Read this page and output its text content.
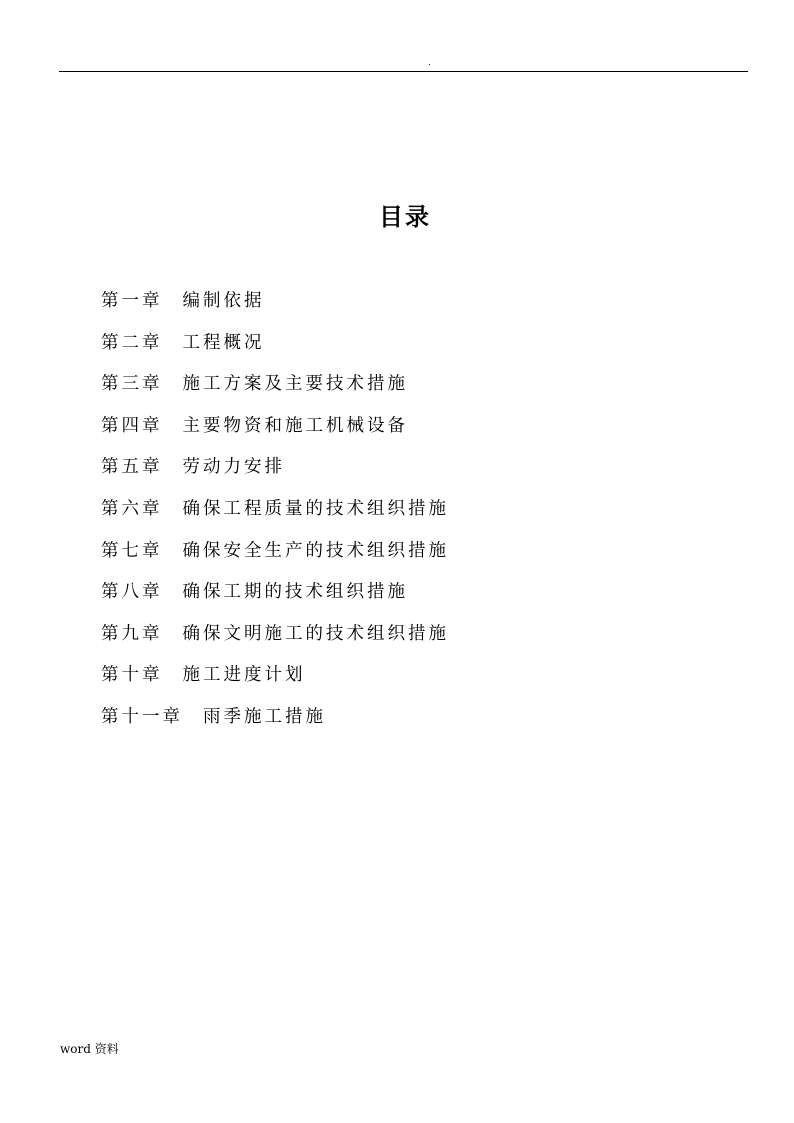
.
目录
第一章 编制依据
第二章 工程概况
第三章 施工方案及主要技术措施
第四章 主要物资和施工机械设备
第五章 劳动力安排
第六章 确保工程质量的技术组织措施
第七章 确保安全生产的技术组织措施
第八章 确保工期的技术组织措施
第九章 确保文明施工的技术组织措施
第十章 施工进度计划
第十一章 雨季施工措施
word 资料
